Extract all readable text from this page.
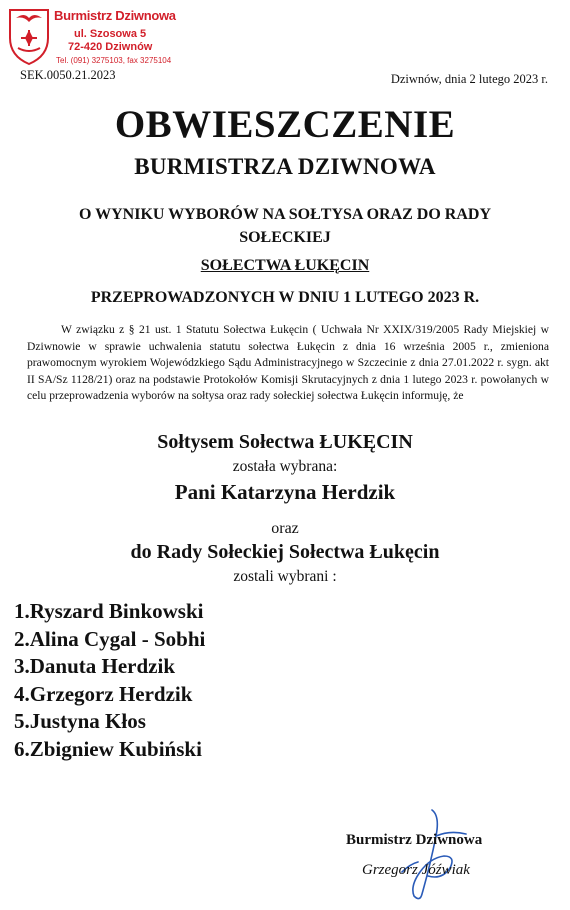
Burmistrz Dziwnowa
ul. Szosowa 5
72-420 Dziwnów
Tel. (091) 3275103, fax 3275104
SEK.0050.21.2023	Dziwnów, dnia 2 lutego 2023 r.
OBWIESZCZENIE
BURMISTRZA DZIWNOWA
O WYNIKU WYBORÓW NA SOŁTYSA ORAZ DO RADY SOŁECKIEJ
SOŁECTWA ŁUKĘCIN
PRZEPROWADZONYCH W DNIU 1 LUTEGO 2023 R.
W związku z § 21 ust. 1 Statutu Sołectwa Łukęcin ( Uchwała Nr XXIX/319/2005 Rady Miejskiej w Dziwnowie w sprawie uchwalenia statutu sołectwa Łukęcin z dnia 16 września 2005 r., zmieniona prawomocnym wyrokiem Wojewódzkiego Sądu Administracyjnego w Szczecinie z dnia 27.01.2022 r. sygn. akt II SA/Sz 1128/21) oraz na podstawie Protokołów Komisji Skrutacyjnych z dnia 1 lutego 2023 r. powołanych w celu przeprowadzenia wyborów na sołtysa oraz rady sołeckiej sołectwa Łukęcin informuję, że
Sołtysem Sołectwa ŁUKĘCIN
została wybrana:
Pani Katarzyna Herdzik
oraz
do Rady Sołeckiej Sołectwa Łukęcin
zostali wybrani :
1.Ryszard Binkowski
2.Alina Cygal - Sobhi
3.Danuta Herdzik
4.Grzegorz Herdzik
5.Justyna Kłos
6.Zbigniew Kubiński
Burmistrz Dziwnowa
Grzegorz Jóźwiak
